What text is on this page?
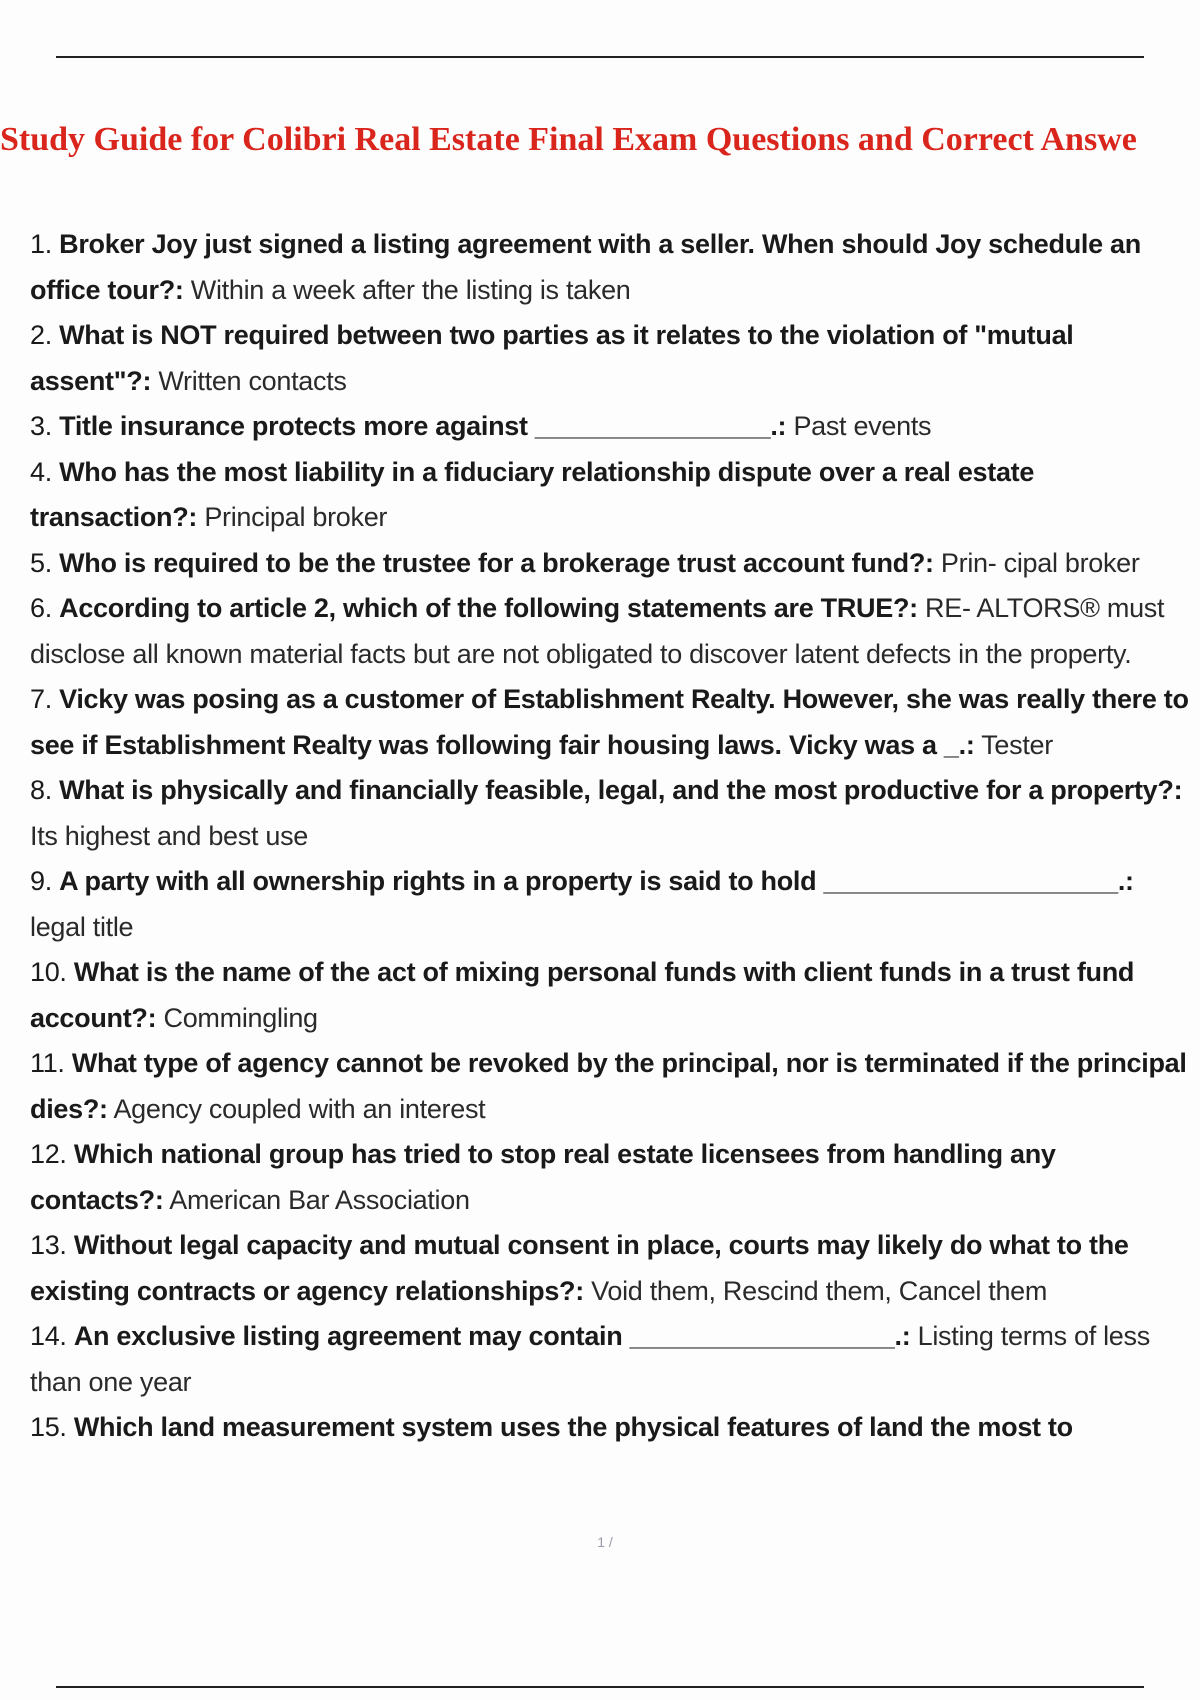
Study Guide for Colibri Real Estate Final Exam Questions and Correct Answe

1. Broker Joy just signed a listing agreement with a seller. When should Joy schedule an office tour?: Within a week after the listing is taken

2. What is NOT required between two parties as it relates to the violation of "mutual assent"?: Written contacts

3. Title insurance protects more against ________________.: Past events

4. Who has the most liability in a fiduciary relationship dispute over a real estate transaction?: Principal broker

5. Who is required to be the trustee for a brokerage trust account fund?: Prin- cipal broker

6. According to article 2, which of the following statements are TRUE?: RE- ALTORS® must disclose all known material facts but are not obligated to discover latent defects in the property.

7. Vicky was posing as a customer of Establishment Realty. However, she was really there to see if Establishment Realty was following fair housing laws. Vicky was a _.: Tester

8. What is physically and financially feasible, legal, and the most productive for a property?: Its highest and best use

9. A party with all ownership rights in a property is said to hold ____________________.: legal title

10. What is the name of the act of mixing personal funds with client funds in a trust fund account?: Commingling

11. What type of agency cannot be revoked by the principal, nor is terminated if the principal dies?: Agency coupled with an interest

12. Which national group has tried to stop real estate licensees from handling any contacts?: American Bar Association

13. Without legal capacity and mutual consent in place, courts may likely do what to the existing contracts or agency relationships?: Void them, Rescind them, Cancel them

14. An exclusive listing agreement may contain __________________.: Listing terms of less than one year

15. Which land measurement system uses the physical features of land the most to

1 /
